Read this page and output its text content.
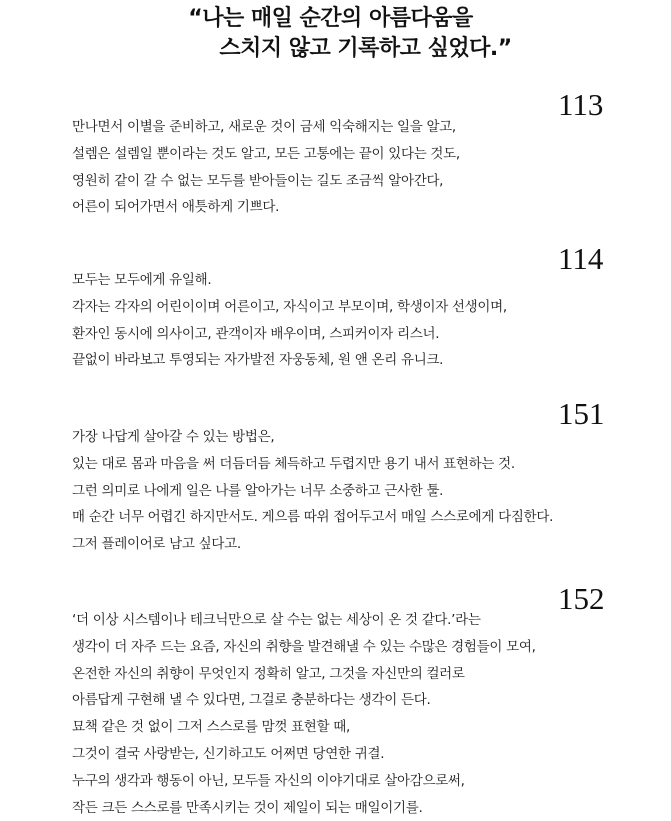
“나는 매일 순간의 아름다움을
스치지 않고 기록하고 싶었다.”
113
만나면서 이별을 준비하고, 새로운 것이 금세 익숙해지는 일을 알고,
설렘은 설렘일 뿐이라는 것도 알고, 모든 고통에는 끝이 있다는 것도,
영원히 같이 갈 수 없는 모두를 받아들이는 길도 조금씩 알아간다,
어른이 되어가면서 애틋하게 기쁘다.
114
모두는 모두에게 유일해.
각자는 각자의 어린이이며 어른이고, 자식이고 부모이며, 학생이자 선생이며,
환자인 동시에 의사이고, 관객이자 배우이며, 스피커이자 리스너.
끝없이 바라보고 투영되는 자가발전 자웅동체, 원 앤 온리 유니크.
151
가장 나답게 살아갈 수 있는 방법은,
있는 대로 몸과 마음을 써 더듬더듬 체득하고 두렵지만 용기 내서 표현하는 것.
그런 의미로 나에게 일은 나를 알아가는 너무 소중하고 근사한 툴.
매 순간 너무 어렵긴 하지만서도. 게으름 따위 접어두고서 매일 스스로에게 다짐한다.
그저 플레이어로 남고 싶다고.
152
‘더 이상 시스템이나 테크닉만으로 살 수는 없는 세상이 온 것 같다.’라는
생각이 더 자주 드는 요즘, 자신의 취향을 발견해낼 수 있는 수많은 경험들이 모여,
온전한 자신의 취향이 무엇인지 정확히 알고, 그것을 자신만의 컬러로
아름답게 구현해 낼 수 있다면, 그걸로 충분하다는 생각이 든다.
묘책 같은 것 없이 그저 스스로를 맘껏 표현할 때,
그것이 결국 사랑받는, 신기하고도 어쩌면 당연한 귀결.
누구의 생각과 행동이 아닌, 모두들 자신의 이야기대로 살아감으로써,
작든 크든 스스로를 만족시키는 것이 제일이 되는 매일이기를.
